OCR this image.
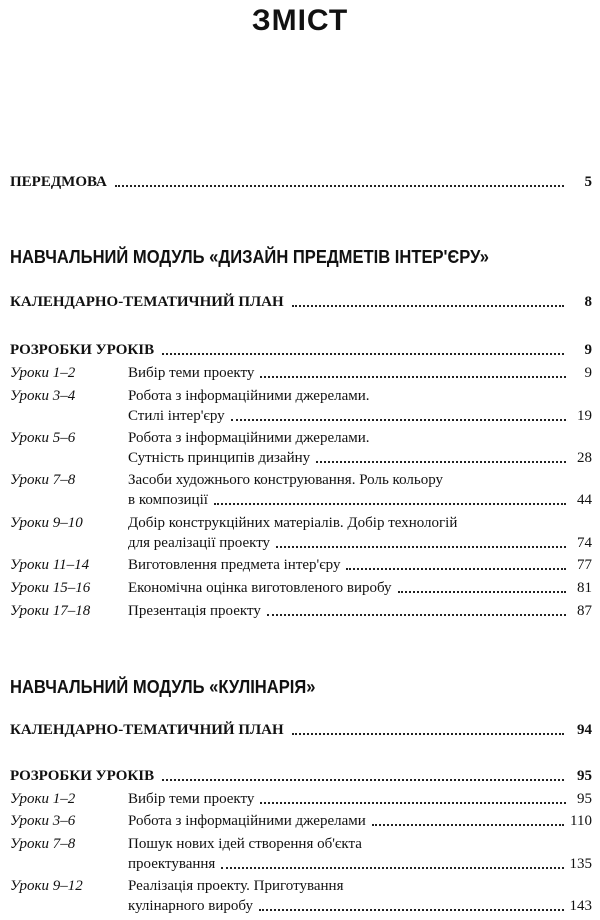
ЗМІСТ
ПЕРЕДМОВА	5
НАВЧАЛЬНИЙ МОДУЛЬ «ДИЗАЙН ПРЕДМЕТІВ ІНТЕР'ЄРУ»
КАЛЕНДАРНО-ТЕМАТИЧНИЙ ПЛАН	8
РОЗРОБКИ УРОКІВ	9
Уроки 1–2	Вибір теми проекту	9
Уроки 3–4	Робота з інформаційними джерелами.
Стилі інтер'єру	19
Уроки 5–6	Робота з інформаційними джерелами.
Сутність принципів дизайну	28
Уроки 7–8	Засоби художнього конструювання. Роль кольору
в композиції	44
Уроки 9–10	Добір конструкційних матеріалів. Добір технологій
для реалізації проекту	74
Уроки 11–14	Виготовлення предмета інтер'єру	77
Уроки 15–16	Економічна оцінка виготовленого виробу	81
Уроки 17–18	Презентація проекту	87
НАВЧАЛЬНИЙ МОДУЛЬ «КУЛІНАРІЯ»
КАЛЕНДАРНО-ТЕМАТИЧНИЙ ПЛАН	94
РОЗРОБКИ УРОКІВ	95
Уроки 1–2	Вибір теми проекту	95
Уроки 3–6	Робота з інформаційними джерелами	110
Уроки 7–8	Пошук нових ідей створення об'єкта
проектування	135
Уроки 9–12	Реалізація проекту. Приготування
кулінарного виробу	143
